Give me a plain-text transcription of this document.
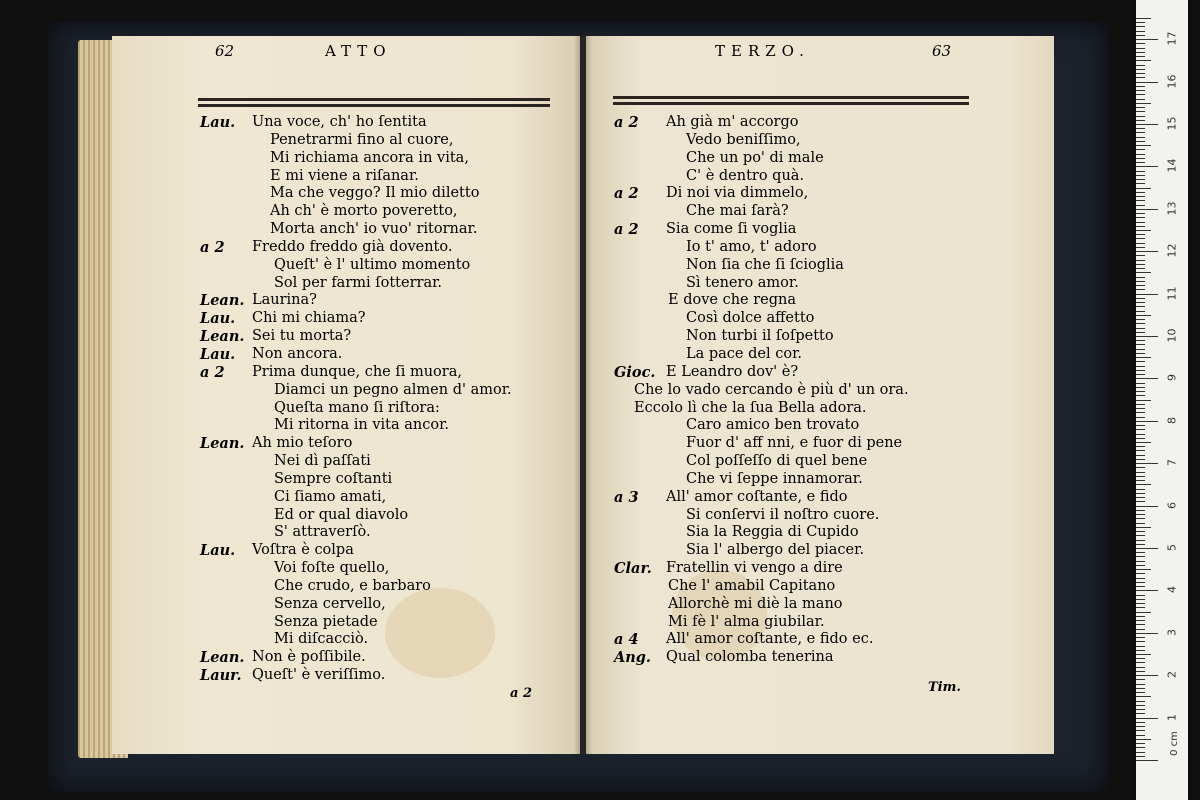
62	ATTO	TERZO.	63
Lau. Una voce, ch' ho ſentita
Penetrarmi fino al cuore,
Mi richiama ancora in vita,
E mi viene a riſanar.
Ma che veggo? Il mio diletto
Ah ch' è morto poveretto,
Morta anch' io vuo' ritornar.
a 2 Freddo freddo già dovento.
Queſt' è l' ultimo momento
Sol per farmi ſotterrar.
Lean. Laurina?
Lau. Chi mi chiama?
Lean. Sei tu morta?
Lau. Non ancora.
a 2 Prima dunque, che ſi muora,
Diamci un pegno almen d' amor.
Queſta mano ſi riſtora:
Mi ritorna in vita ancor.
Lean. Ah mio teſoro
Nei dì paſſati
Sempre coſtanti
Ci ſiamo amati,
Ed or qual diavolo
S' attraverſò.
Lau. Voſtra è colpa
Voi foſte quello,
Che crudo, e barbaro
Senza cervello,
Senza pietade
Mi diſcacciò.
Lean. Non è poſſibile.
Laur. Queſt' è veriſſimo.
a 2 Ah già m' accorgo
Vedo beniſſimo,
Che un po' di male
C' è dentro quà.
a 2 Di noi via dimmelo,
Che mai ſarà?
a 2 Sia come ſi voglia
Io t' amo, t' adoro
Non ſia che ſi ſcioglia
Sì tenero amor.
E dove che regna
Così dolce affetto
Non turbi il ſoſpetto
La pace del cor.
Gioc. E Leandro dov' è?
Che lo vado cercando è più d' un ora.
Eccolo lì che la ſua Bella adora.
Caro amico ben trovato
Fuor d' aff nni, e fuor di pene
Col poſſeſſo di quel bene
Che vi ſeppe innamorar.
a 3 All' amor coſtante, e fido
Si conſervi il noſtro cuore.
Sia la Reggia di Cupido
Sia l' albergo del piacer.
Clar. Fratellin vi vengo a dire
Che l' amabil Capitano
Allorchè mi diè la mano
Mi fè l' alma giubilar.
a 4 All' amor coſtante, e fido ec.
Ang. Qual colomba tenerina
a 2	Tim.
0 cm
1
2
3
4
5
6
7
8
9
10
11
12
13
14
15
16
17
